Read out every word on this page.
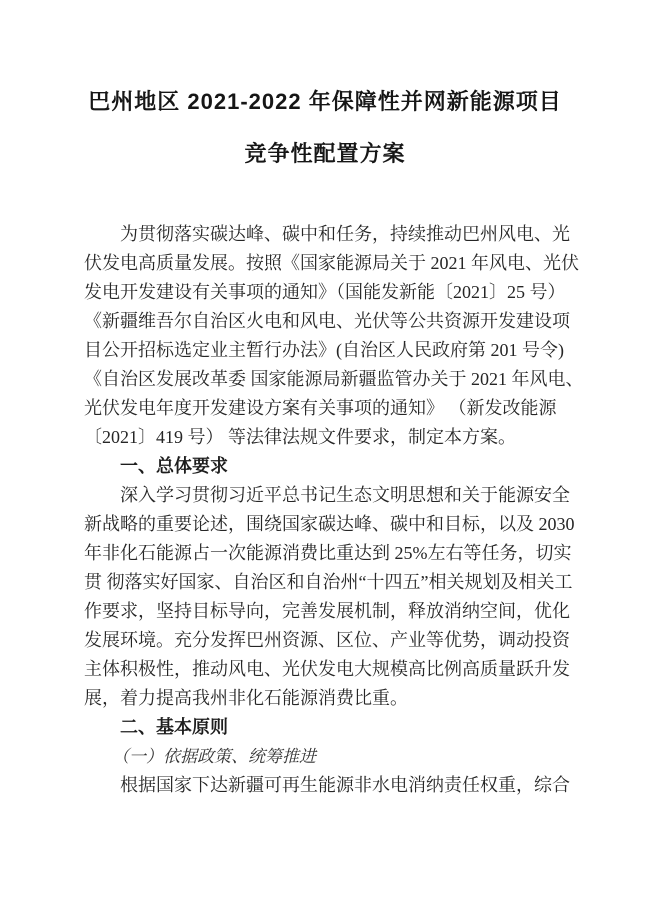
巴州地区 2021-2022 年保障性并网新能源项目
竞争性配置方案
为贯彻落实碳达峰、碳中和任务，持续推动巴州风电、光
伏发电高质量发展。按照《国家能源局关于 2021 年风电、光伏
发电开发建设有关事项的通知》（国能发新能〔2021〕25 号）
《新疆维吾尔自治区火电和风电、光伏等公共资源开发建设项
目公开招标选定业主暂行办法》(自治区人民政府第 201 号令)
《自治区发展改革委 国家能源局新疆监管办关于 2021 年风电、
光伏发电年度开发建设方案有关事项的通知》 （新发改能源
〔2021〕419 号） 等法律法规文件要求，制定本方案。
一、总体要求
深入学习贯彻习近平总书记生态文明思想和关于能源安全
新战略的重要论述，围绕国家碳达峰、碳中和目标，以及 2030
年非化石能源占一次能源消费比重达到 25%左右等任务，切实
贯 彻落实好国家、自治区和自治州“十四五”相关规划及相关工
作要求，坚持目标导向，完善发展机制，释放消纳空间，优化
发展环境。充分发挥巴州资源、区位、产业等优势，调动投资
主体积极性，推动风电、光伏发电大规模高比例高质量跃升发
展，着力提高我州非化石能源消费比重。
二、基本原则
（一）依据政策、统筹推进
根据国家下达新疆可再生能源非水电消纳责任权重，综合
